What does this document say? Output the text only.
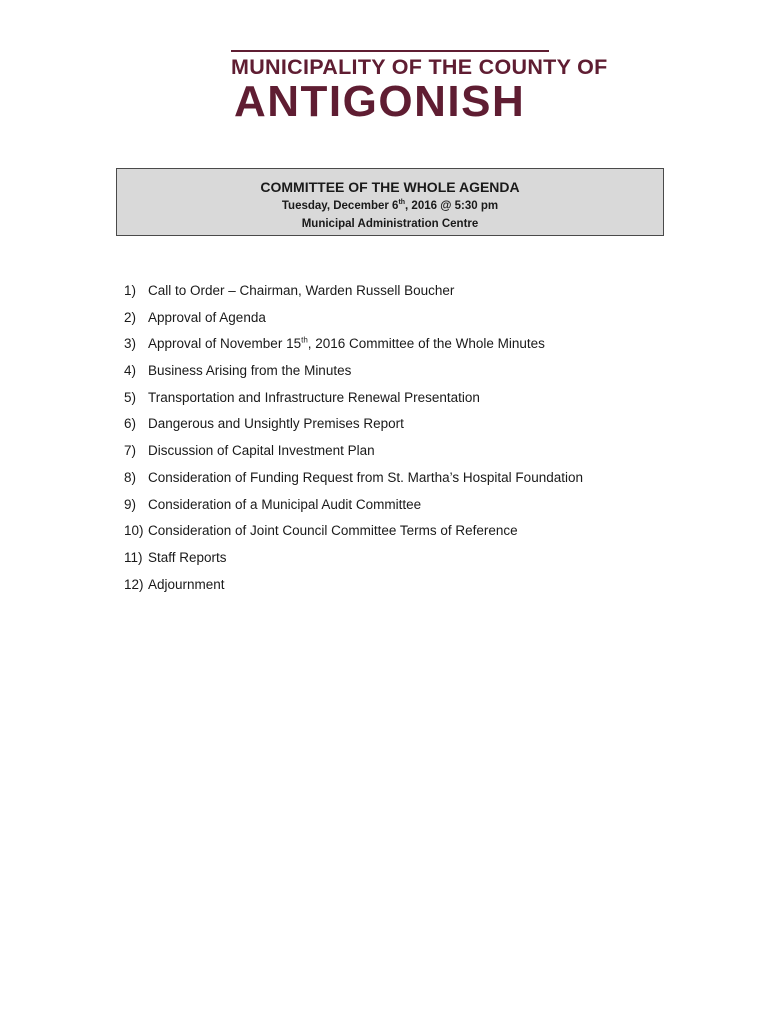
MUNICIPALITY OF THE COUNTY OF
ANTIGONISH
COMMITTEE OF THE WHOLE AGENDA
Tuesday, December 6th, 2016 @ 5:30 pm
Municipal Administration Centre
1) Call to Order – Chairman, Warden Russell Boucher
2) Approval of Agenda
3) Approval of November 15th, 2016 Committee of the Whole Minutes
4) Business Arising from the Minutes
5) Transportation and Infrastructure Renewal Presentation
6) Dangerous and Unsightly Premises Report
7) Discussion of Capital Investment Plan
8) Consideration of Funding Request from St. Martha’s Hospital Foundation
9) Consideration of a Municipal Audit Committee
10) Consideration of Joint Council Committee Terms of Reference
11) Staff Reports
12) Adjournment
